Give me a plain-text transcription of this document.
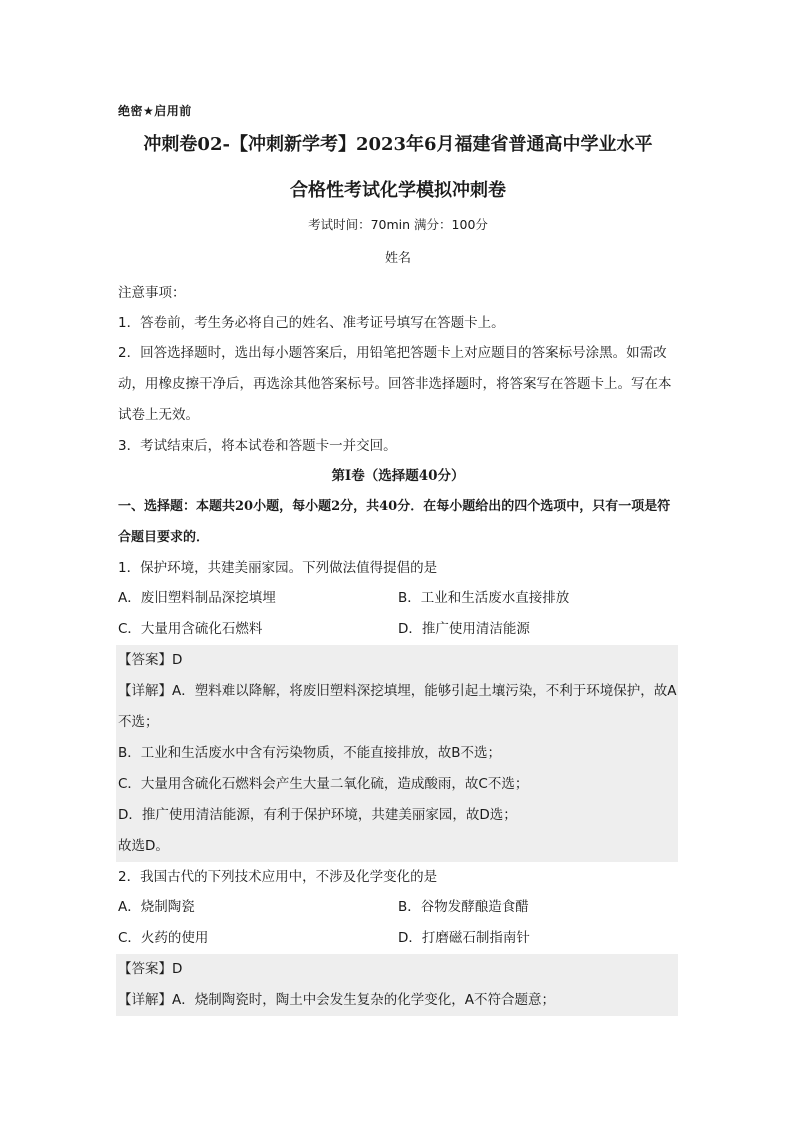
绝密★启用前

冲刺卷02-【冲刺新学考】2023年6月福建省普通高中学业水平

合格性考试化学模拟冲刺卷

考试时间：70min 满分：100分

姓名

注意事项：

1．答卷前，考生务必将自己的姓名、准考证号填写在答题卡上。

2．回答选择题时，选出每小题答案后，用铅笔把答题卡上对应题目的答案标号涂黑。如需改动，用橡皮擦干净后，再选涂其他答案标号。回答非选择题时，将答案写在答题卡上。写在本试卷上无效。

3．考试结束后，将本试卷和答题卡一并交回。

第Ⅰ卷（选择题40分）

一、选择题：本题共20小题，每小题2分，共40分．在每小题给出的四个选项中，只有一项是符合题目要求的．

1．保护环境，共建美丽家园。下列做法值得提倡的是

A．废旧塑料制品深挖填埋	B．工业和生活废水直接排放
C．大量用含硫化石燃料	D．推广使用清洁能源

【答案】D

【详解】A．塑料难以降解，将废旧塑料深挖填埋，能够引起土壤污染，不利于环境保护，故A不选；

B．工业和生活废水中含有污染物质，不能直接排放，故B不选；

C．大量用含硫化石燃料会产生大量二氧化硫，造成酸雨，故C不选；

D．推广使用清洁能源，有利于保护环境，共建美丽家园，故D选；

故选D。

2．我国古代的下列技术应用中，不涉及化学变化的是

A．烧制陶瓷	B．谷物发酵酿造食醋
C．火药的使用	D．打磨磁石制指南针

【答案】D

【详解】A．烧制陶瓷时，陶土中会发生复杂的化学变化，A不符合题意；
